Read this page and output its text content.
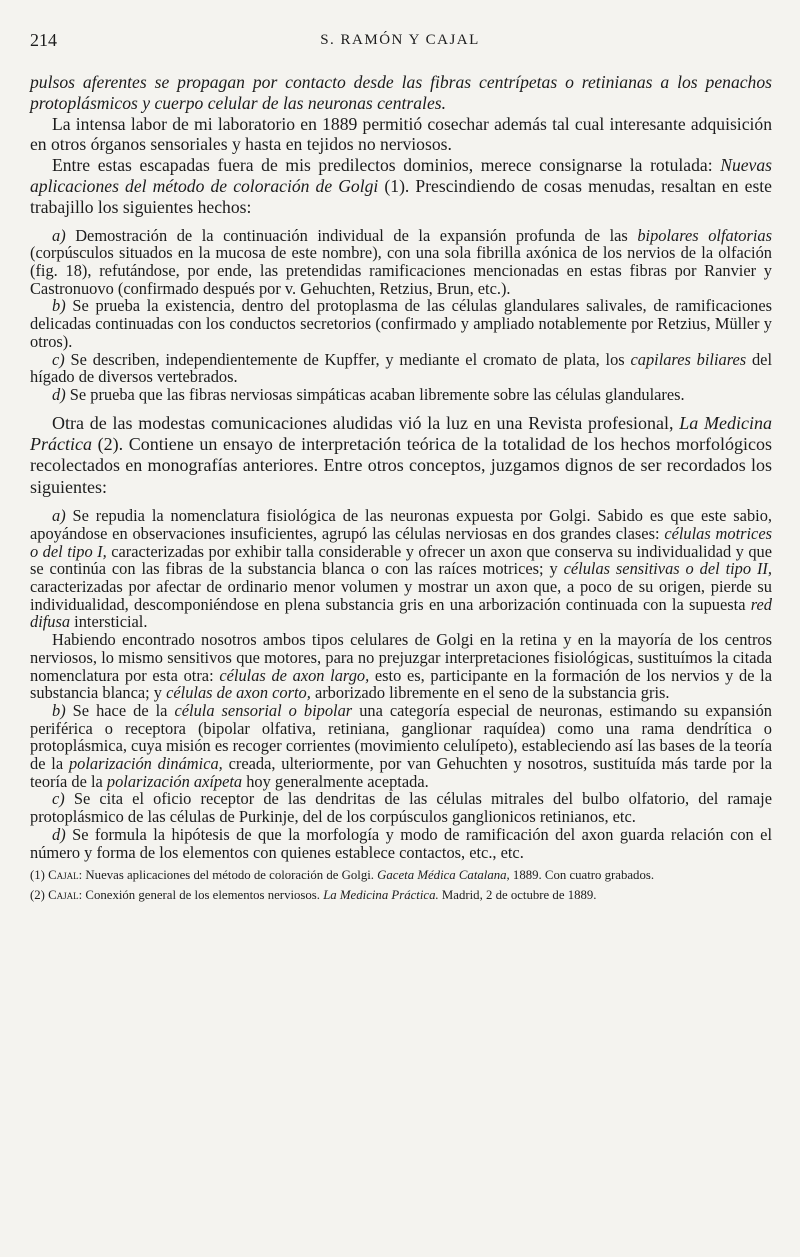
214	S. RAMÓN Y CAJAL

pulsos aferentes se propagan por contacto desde las fibras centrípetas o retinianas a los penachos protoplásmicos y cuerpo celular de las neuronas centrales.

La intensa labor de mi laboratorio en 1889 permitió cosechar además tal cual interesante adquisición en otros órganos sensoriales y hasta en tejidos no nerviosos.

Entre estas escapadas fuera de mis predilectos dominios, merece consignarse la rotulada: Nuevas aplicaciones del método de coloración de Golgi (1). Prescindiendo de cosas menudas, resaltan en este trabajillo los siguientes hechos:

a) Demostración de la continuación individual de la expansión profunda de las bipolares olfatorias (corpúsculos situados en la mucosa de este nombre), con una sola fibrilla axónica de los nervios de la olfación (fig. 18), refutándose, por ende, las pretendidas ramificaciones mencionadas en estas fibras por Ranvier y Castronuovo (confirmado después por v. Gehuchten, Retzius, Brun, etc.).

b) Se prueba la existencia, dentro del protoplasma de las células glandulares salivales, de ramificaciones delicadas continuadas con los conductos secretorios (confirmado y ampliado notablemente por Retzius, Müller y otros).

c) Se describen, independientemente de Kupffer, y mediante el cromato de plata, los capilares biliares del hígado de diversos vertebrados.

d) Se prueba que las fibras nerviosas simpáticas acaban libremente sobre las células glandulares.

Otra de las modestas comunicaciones aludidas vió la luz en una Revista profesional, La Medicina Práctica (2). Contiene un ensayo de interpretación teórica de la totalidad de los hechos morfológicos recolectados en monografías anteriores. Entre otros conceptos, juzgamos dignos de ser recordados los siguientes:

a) Se repudia la nomenclatura fisiológica de las neuronas expuesta por Golgi. Sabido es que este sabio, apoyándose en observaciones insuficientes, agrupó las células nerviosas en dos grandes clases: células motrices o del tipo I, caracterizadas por exhibir talla considerable y ofrecer un axon que conserva su individualidad y que se continúa con las fibras de la substancia blanca o con las raíces motrices; y células sensitivas o del tipo II, caracterizadas por afectar de ordinario menor volumen y mostrar un axon que, a poco de su origen, pierde su individualidad, descomponiéndose en plena substancia gris en una arborización continuada con la supuesta red difusa intersticial.

Habiendo encontrado nosotros ambos tipos celulares de Golgi en la retina y en la mayoría de los centros nerviosos, lo mismo sensitivos que motores, para no prejuzgar interpretaciones fisiológicas, sustituímos la citada nomenclatura por esta otra: células de axon largo, esto es, participante en la formación de los nervios y de la substancia blanca; y células de axon corto, arborizado libremente en el seno de la substancia gris.

b) Se hace de la célula sensorial o bipolar una categoría especial de neuronas, estimando su expansión periférica o receptora (bipolar olfativa, retiniana, ganglionar raquídea) como una rama dendrítica o protoplásmica, cuya misión es recoger corrientes (movimiento celulípeto), estableciendo así las bases de la teoría de la polarización dinámica, creada, ulteriormente, por van Gehuchten y nosotros, sustituída más tarde por la teoría de la polarización axípeta hoy generalmente aceptada.

c) Se cita el oficio receptor de las dendritas de las células mitrales del bulbo olfatorio, del ramaje protoplásmico de las células de Purkinje, del de los corpúsculos ganglionicos retinianos, etc.

d) Se formula la hipótesis de que la morfología y modo de ramificación del axon guarda relación con el número y forma de los elementos con quienes establece contactos, etc., etc.

(1) Cajal: Nuevas aplicaciones del método de coloración de Golgi. Gaceta Médica Catalana, 1889. Con cuatro grabados.

(2) Cajal: Conexión general de los elementos nerviosos. La Medicina Práctica. Madrid, 2 de octubre de 1889.
